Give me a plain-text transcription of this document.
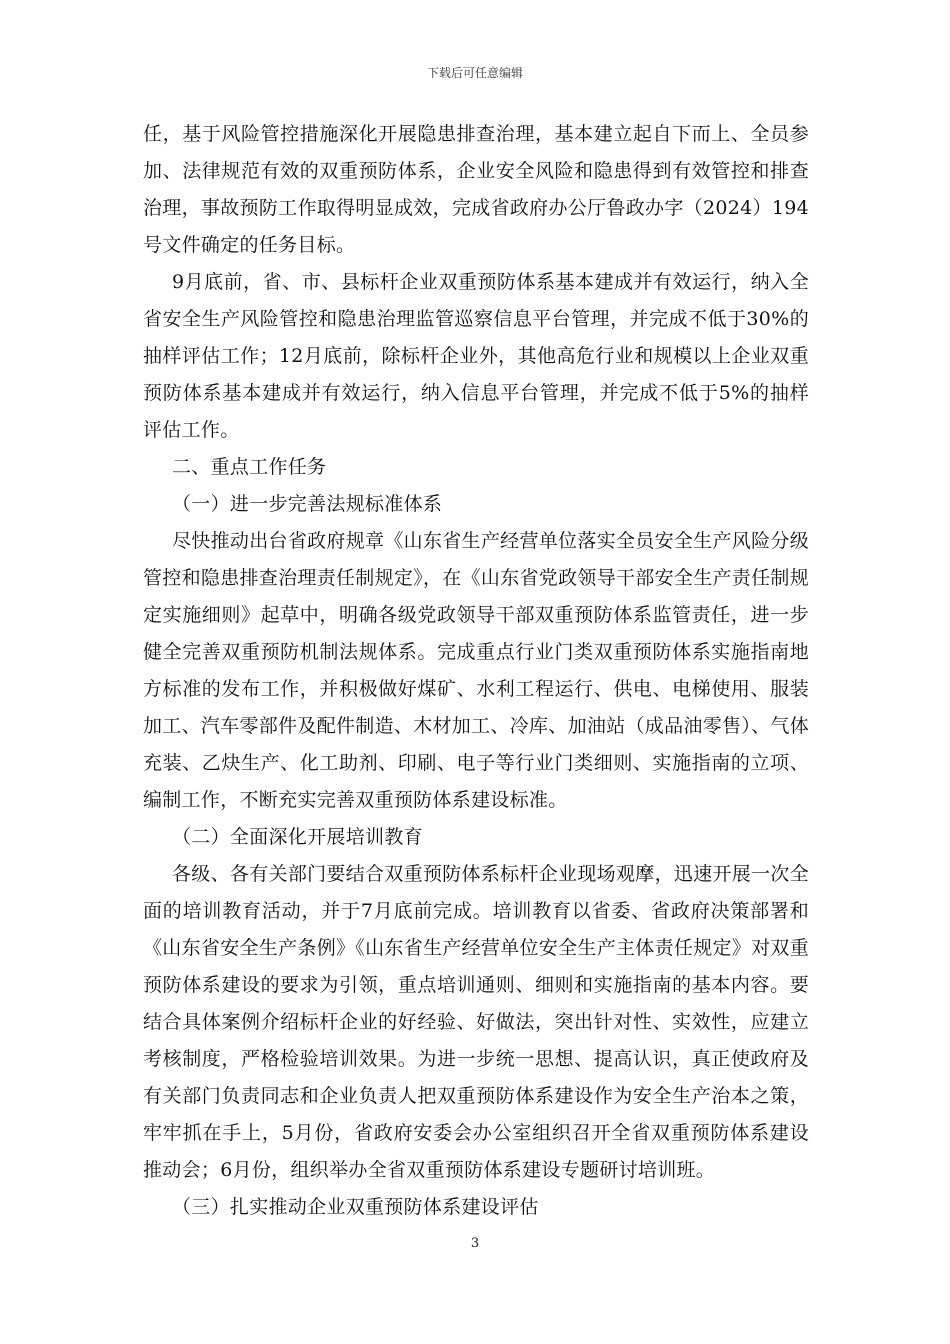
下载后可任意编辑

任，基于风险管控措施深化开展隐患排查治理，基本建立起自下而上、全员参加、法律规范有效的双重预防体系，企业安全风险和隐患得到有效管控和排查治理，事故预防工作取得明显成效，完成省政府办公厅鲁政办字（2024）194号文件确定的任务目标。

9月底前，省、市、县标杆企业双重预防体系基本建成并有效运行，纳入全省安全生产风险管控和隐患治理监管巡察信息平台管理，并完成不低于30%的抽样评估工作；12月底前，除标杆企业外，其他高危行业和规模以上企业双重预防体系基本建成并有效运行，纳入信息平台管理，并完成不低于5%的抽样评估工作。

二、重点工作任务

（一）进一步完善法规标准体系

尽快推动出台省政府规章《山东省生产经营单位落实全员安全生产风险分级管控和隐患排查治理责任制规定》，在《山东省党政领导干部安全生产责任制规定实施细则》起草中，明确各级党政领导干部双重预防体系监管责任，进一步健全完善双重预防机制法规体系。完成重点行业门类双重预防体系实施指南地方标准的发布工作，并积极做好煤矿、水利工程运行、供电、电梯使用、服装加工、汽车零部件及配件制造、木材加工、冷库、加油站（成品油零售）、气体充装、乙炔生产、化工助剂、印刷、电子等行业门类细则、实施指南的立项、编制工作，不断充实完善双重预防体系建设标准。

（二）全面深化开展培训教育

各级、各有关部门要结合双重预防体系标杆企业现场观摩，迅速开展一次全面的培训教育活动，并于7月底前完成。培训教育以省委、省政府决策部署和《山东省安全生产条例》《山东省生产经营单位安全生产主体责任规定》对双重预防体系建设的要求为引领，重点培训通则、细则和实施指南的基本内容。要结合具体案例介绍标杆企业的好经验、好做法，突出针对性、实效性，应建立考核制度，严格检验培训效果。为进一步统一思想、提高认识，真正使政府及有关部门负责同志和企业负责人把双重预防体系建设作为安全生产治本之策，牢牢抓在手上，5月份，省政府安委会办公室组织召开全省双重预防体系建设推动会；6月份，组织举办全省双重预防体系建设专题研讨培训班。

（三）扎实推动企业双重预防体系建设评估

3
